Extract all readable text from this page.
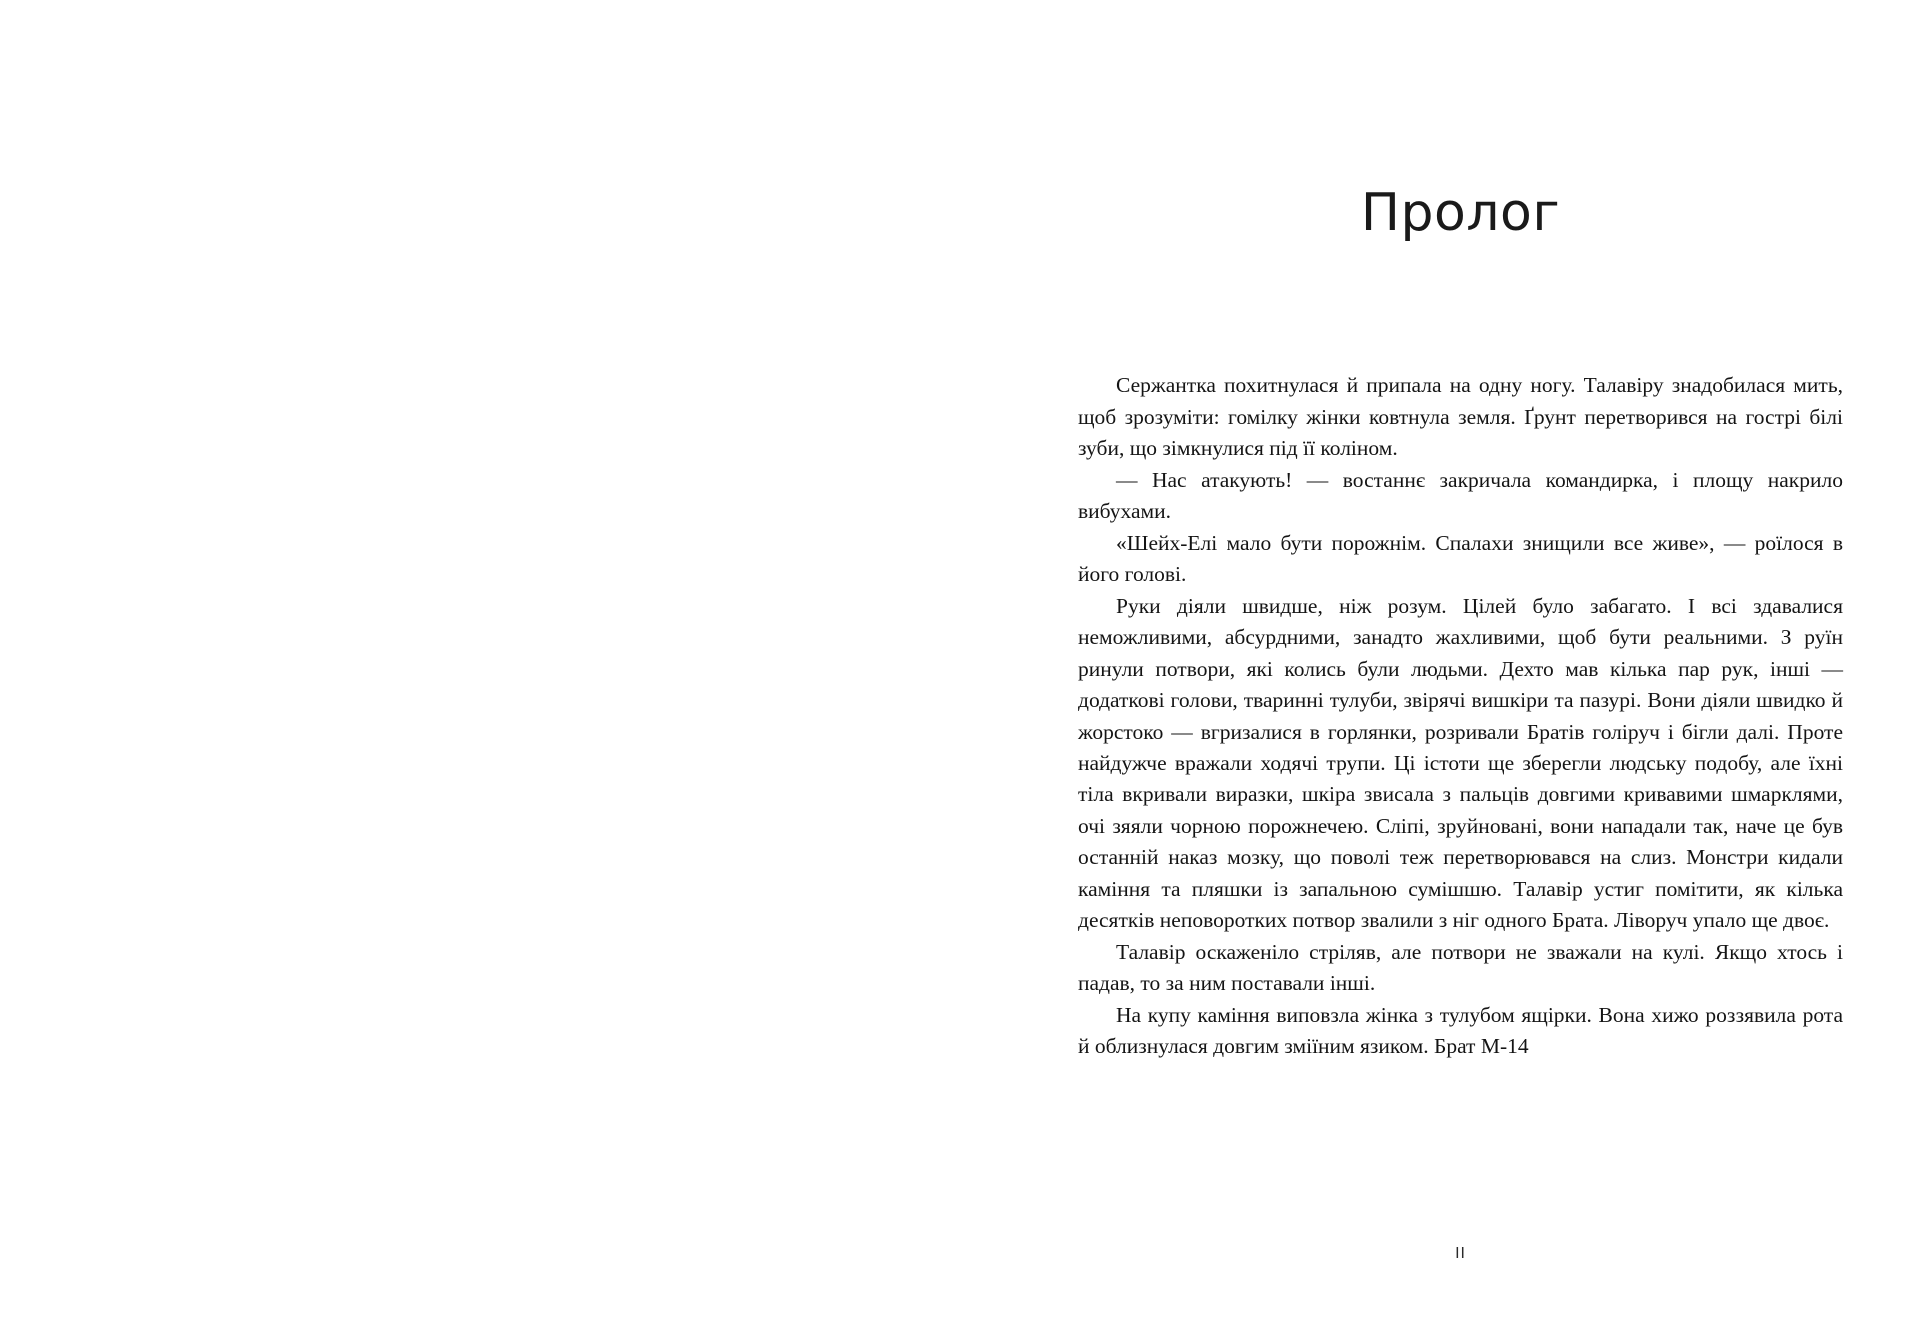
Пролог

Сержантка похитнулася й припала на одну ногу. Талавіру знадобилася мить, щоб зрозуміти: гомілку жінки ковтнула земля. Ґрунт перетворився на гострі білі зуби, що зімкнулися під її коліном.

— Нас атакують! — востаннє закричала командирка, і площу накрило вибухами.

«Шейх-Елі мало бути порожнім. Спалахи знищили все живе», — роїлося в його голові.

Руки діяли швидше, ніж розум. Цілей було забагато. І всі здавалися неможливими, абсурдними, занадто жахливими, щоб бути реальними. З руїн ринули потвори, які колись були людьми. Дехто мав кілька пар рук, інші — додаткові голови, тваринні тулуби, звірячі вишкіри та пазурі. Вони діяли швидко й жорстоко — вгризалися в горлянки, розривали Братів голіруч і бігли далі. Проте найдужче вражали ходячі трупи. Ці істоти ще зберегли людську подобу, але їхні тіла вкривали виразки, шкіра звисала з пальців довгими кривавими шмарклями, очі зяяли чорною порожнечею. Сліпі, зруйновані, вони нападали так, наче це був останній наказ мозку, що поволі теж перетворювався на слиз. Монстри кидали каміння та пляшки із запальною сумішшю. Талавір устиг помітити, як кілька десятків неповоротких потвор звалили з ніг одного Брата. Ліворуч упало ще двоє.

Талавір оскаженіло стріляв, але потвори не зважали на кулі. Якщо хтось і падав, то за ним поставали інші.

На купу каміння виповзла жінка з тулубом ящірки. Вона хижо роззявила рота й облизнулася довгим зміїним язиком. Брат М-14

II
